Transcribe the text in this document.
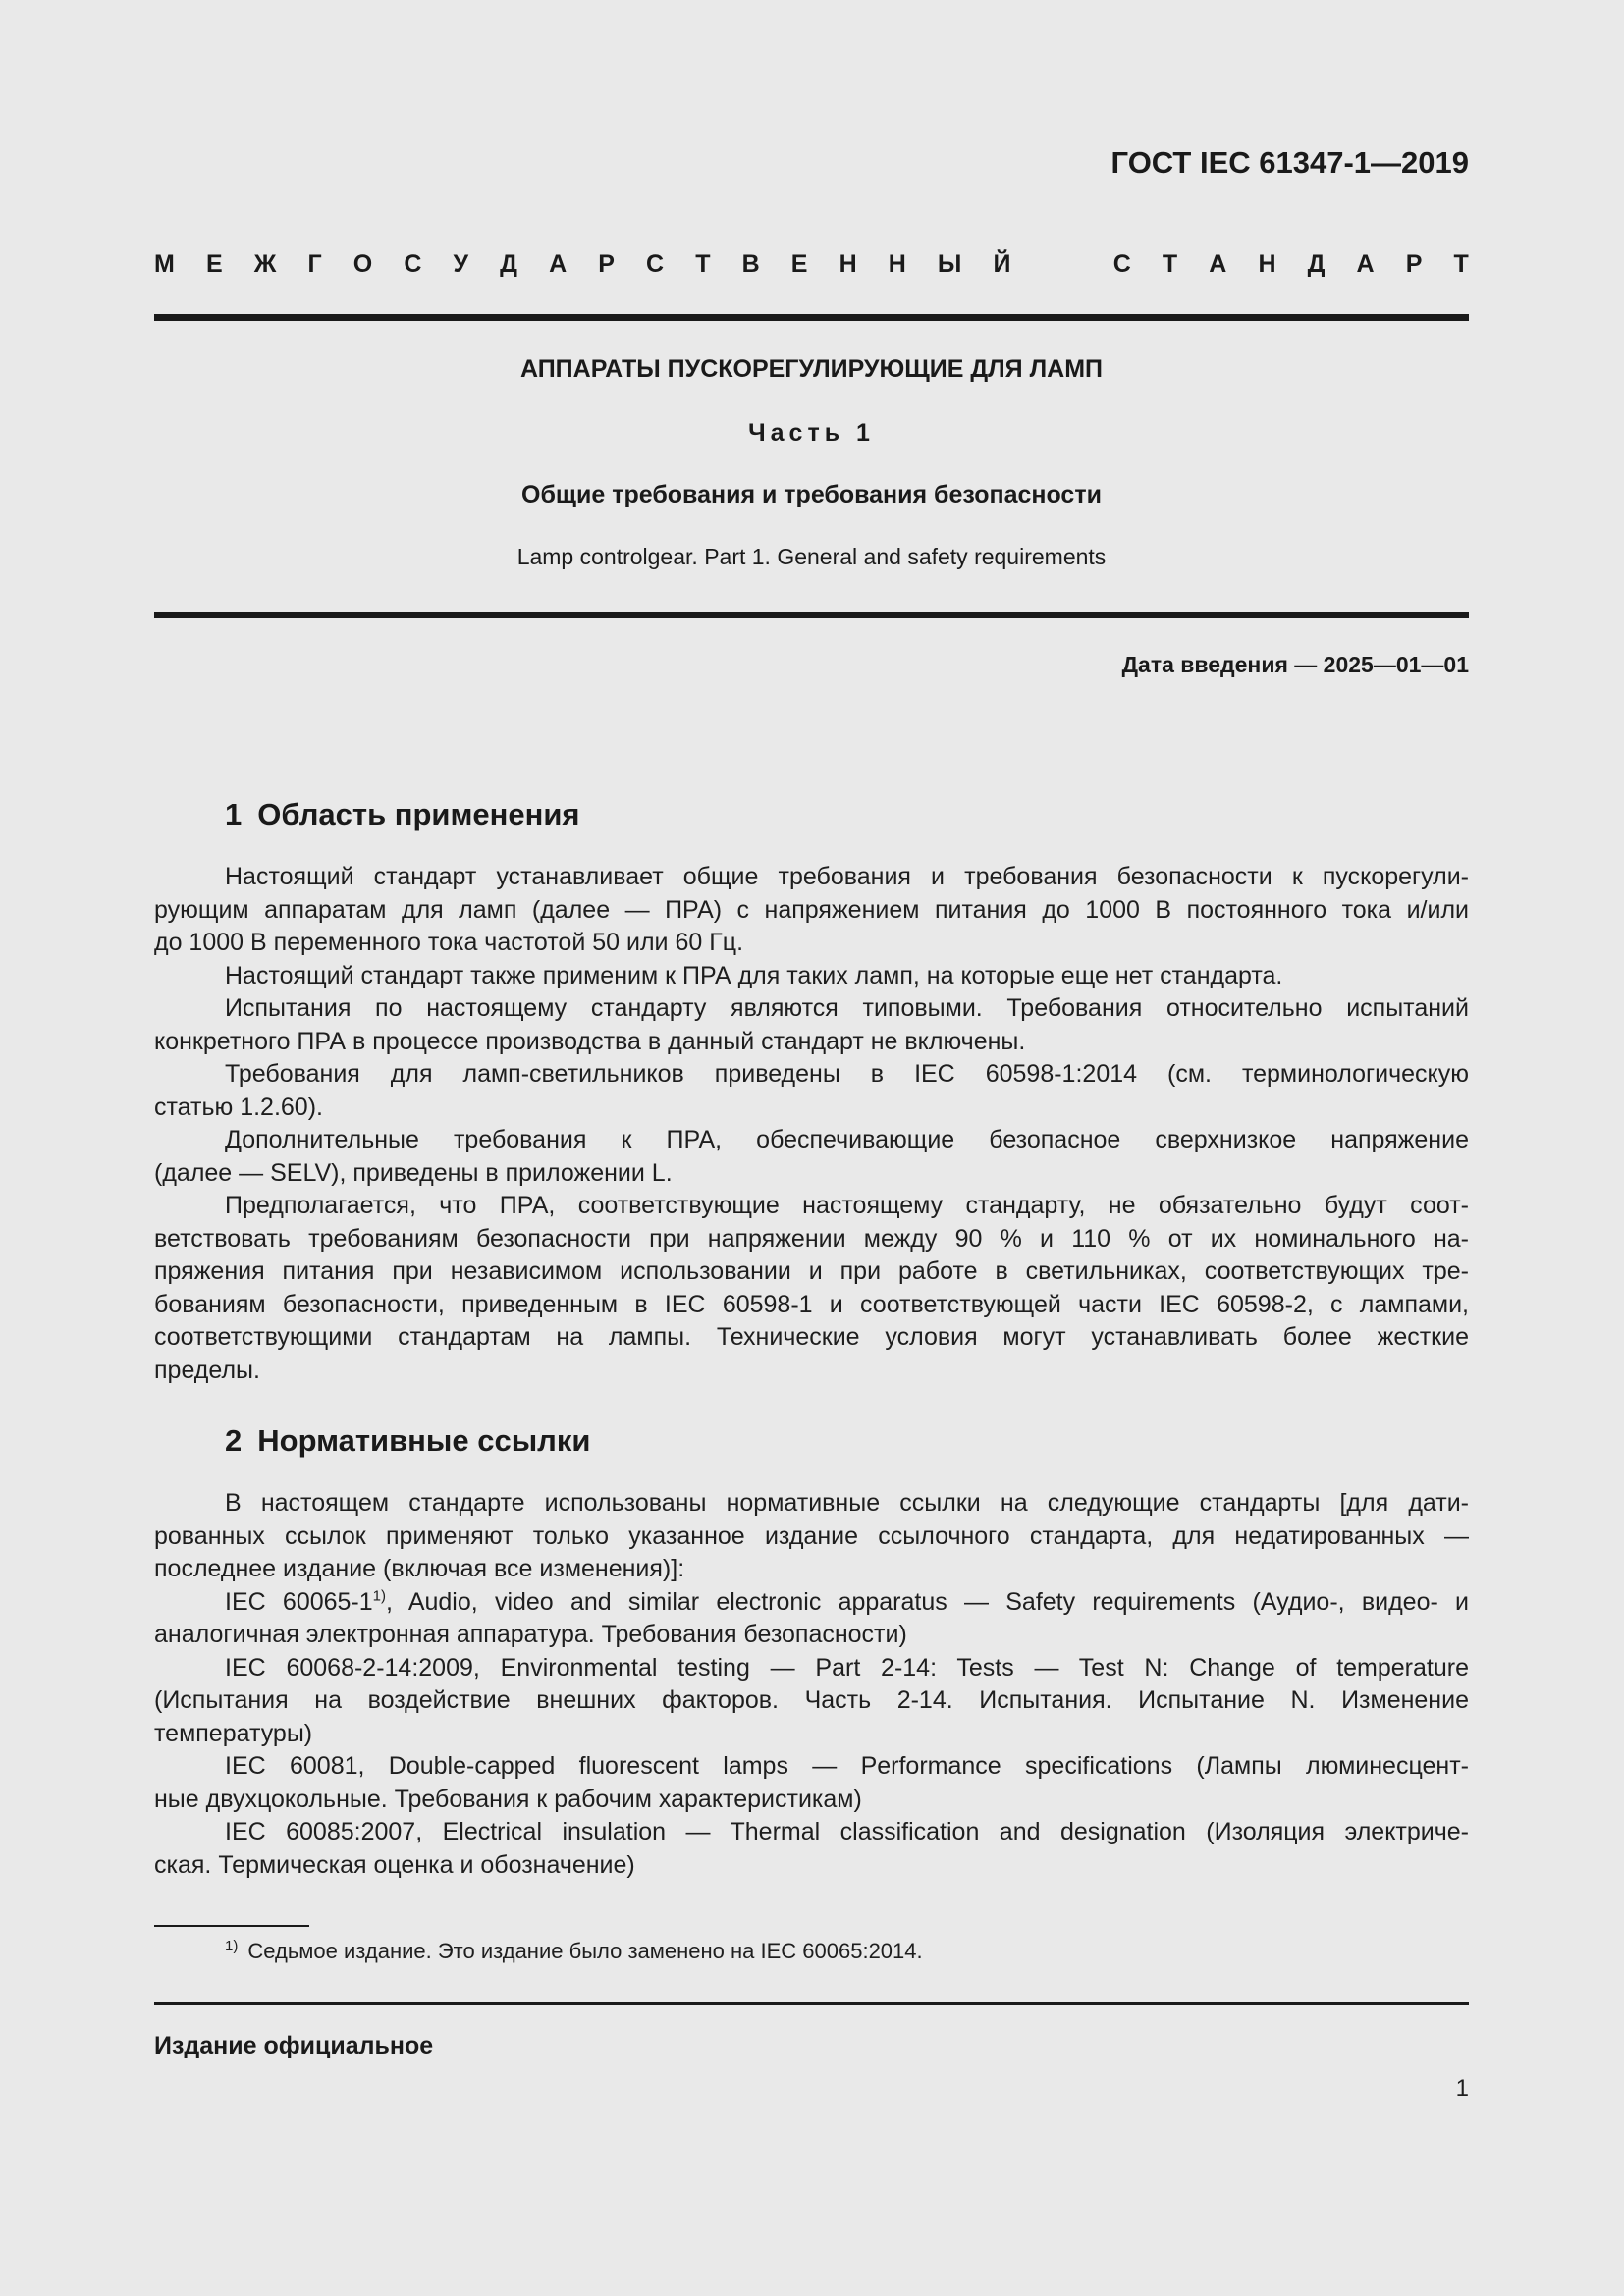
ГОСТ IEC 61347-1—2019
М Е Ж Г О С У Д А Р С Т В Е Н Н Ы Й	С Т А Н Д А Р Т
АППАРАТЫ ПУСКОРЕГУЛИРУЮЩИЕ ДЛЯ ЛАМП
Часть 1
Общие требования и требования безопасности
Lamp controlgear. Part 1. General and safety requirements
Дата введения — 2025—01—01
1 Область применения
Настоящий стандарт устанавливает общие требования и требования безопасности к пускорегули-
рующим аппаратам для ламп (далее — ПРА) с напряжением питания до 1000 В постоянного тока и/или
до 1000 В переменного тока частотой 50 или 60 Гц.
Настоящий стандарт также применим к ПРА для таких ламп, на которые еще нет стандарта.
Испытания по настоящему стандарту являются типовыми. Требования относительно испытаний
конкретного ПРА в процессе производства в данный стандарт не включены.
Требования для ламп-светильников приведены в IEC 60598-1:2014 (см. терминологическую
статью 1.2.60).
Дополнительные требования к ПРА, обеспечивающие безопасное сверхнизкое напряжение
(далее — SELV), приведены в приложении L.
Предполагается, что ПРА, соответствующие настоящему стандарту, не обязательно будут соот-
ветствовать требованиям безопасности при напряжении между 90 % и 110 % от их номинального на-
пряжения питания при независимом использовании и при работе в светильниках, соответствующих тре-
бованиям безопасности, приведенным в IEC 60598-1 и соответствующей части IEC 60598-2, с лампами,
соответствующими стандартам на лампы. Технические условия могут устанавливать более жесткие
пределы.
2 Нормативные ссылки
В настоящем стандарте использованы нормативные ссылки на следующие стандарты [для дати-
рованных ссылок применяют только указанное издание ссылочного стандарта, для недатированных —
последнее издание (включая все изменения)]:
IEC 60065-1$^{1)}$, Audio, video and similar electronic apparatus — Safety requirements (Аудио-, видео- и
аналогичная электронная аппаратура. Требования безопасности)
IEC 60068-2-14:2009, Environmental testing — Part 2-14: Tests — Test N: Change of temperature
(Испытания на воздействие внешних факторов. Часть 2-14. Испытания. Испытание N. Изменение
температуры)
IEC 60081, Double-capped fluorescent lamps — Performance specifications (Лампы люминесцент-
ные двухцокольные. Требования к рабочим характеристикам)
IEC 60085:2007, Electrical insulation — Thermal classification and designation (Изоляция электриче-
ская. Термическая оценка и обозначение)
$^{1)}$ Седьмое издание. Это издание было заменено на IEC 60065:2014.
Издание официальное
1
